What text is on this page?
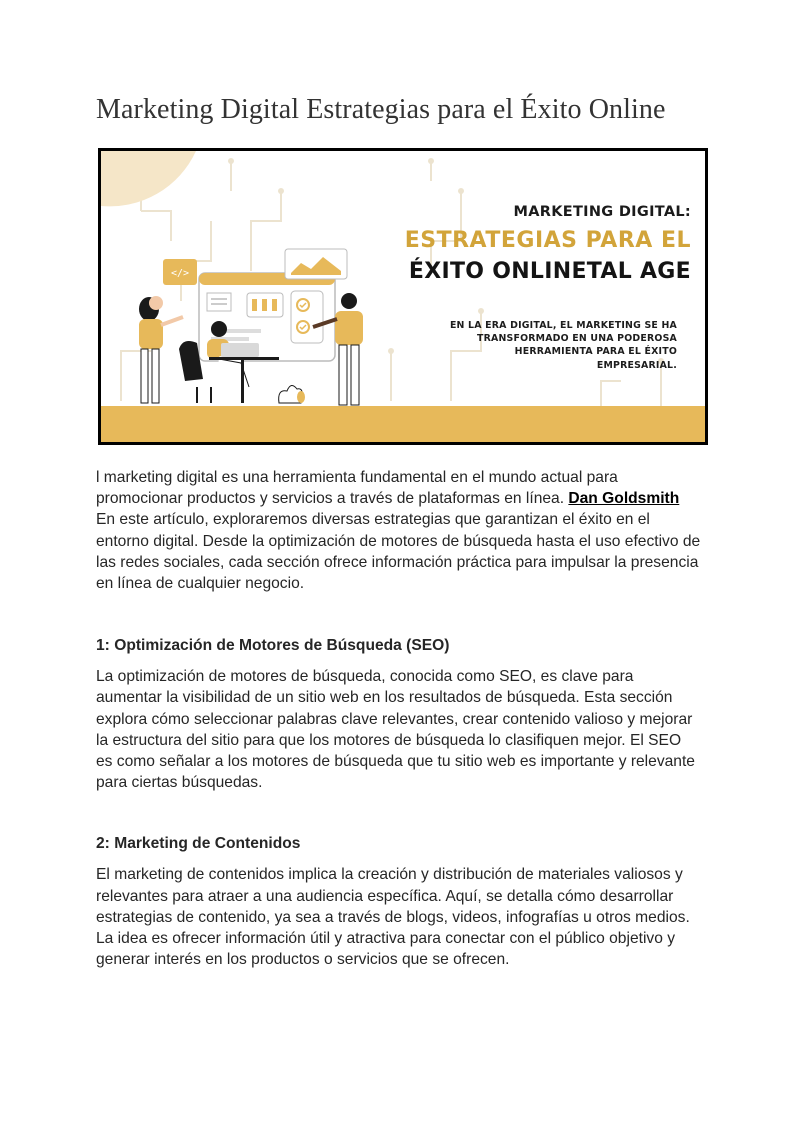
Marketing Digital Estrategias para el Éxito Online
</>
MARKETING DIGITAL:
ESTRATEGIAS PARA EL
ÉXITO ONLINETAL AGE
EN LA ERA DIGITAL, EL MARKETING SE HA TRANSFORMADO EN UNA PODEROSA HERRAMIENTA PARA EL ÉXITO EMPRESARIAL.

l marketing digital es una herramienta fundamental en el mundo actual para promocionar productos y servicios a través de plataformas en línea. Dan Goldsmith En este artículo, exploraremos diversas estrategias que garantizan el éxito en el entorno digital. Desde la optimización de motores de búsqueda hasta el uso efectivo de las redes sociales, cada sección ofrece información práctica para impulsar la presencia en línea de cualquier negocio.

1: Optimización de Motores de Búsqueda (SEO)

La optimización de motores de búsqueda, conocida como SEO, es clave para aumentar la visibilidad de un sitio web en los resultados de búsqueda. Esta sección explora cómo seleccionar palabras clave relevantes, crear contenido valioso y mejorar la estructura del sitio para que los motores de búsqueda lo clasifiquen mejor. El SEO es como señalar a los motores de búsqueda que tu sitio web es importante y relevante para ciertas búsquedas.

2: Marketing de Contenidos

El marketing de contenidos implica la creación y distribución de materiales valiosos y relevantes para atraer a una audiencia específica. Aquí, se detalla cómo desarrollar estrategias de contenido, ya sea a través de blogs, videos, infografías u otros medios. La idea es ofrecer información útil y atractiva para conectar con el público objetivo y generar interés en los productos o servicios que se ofrecen.
